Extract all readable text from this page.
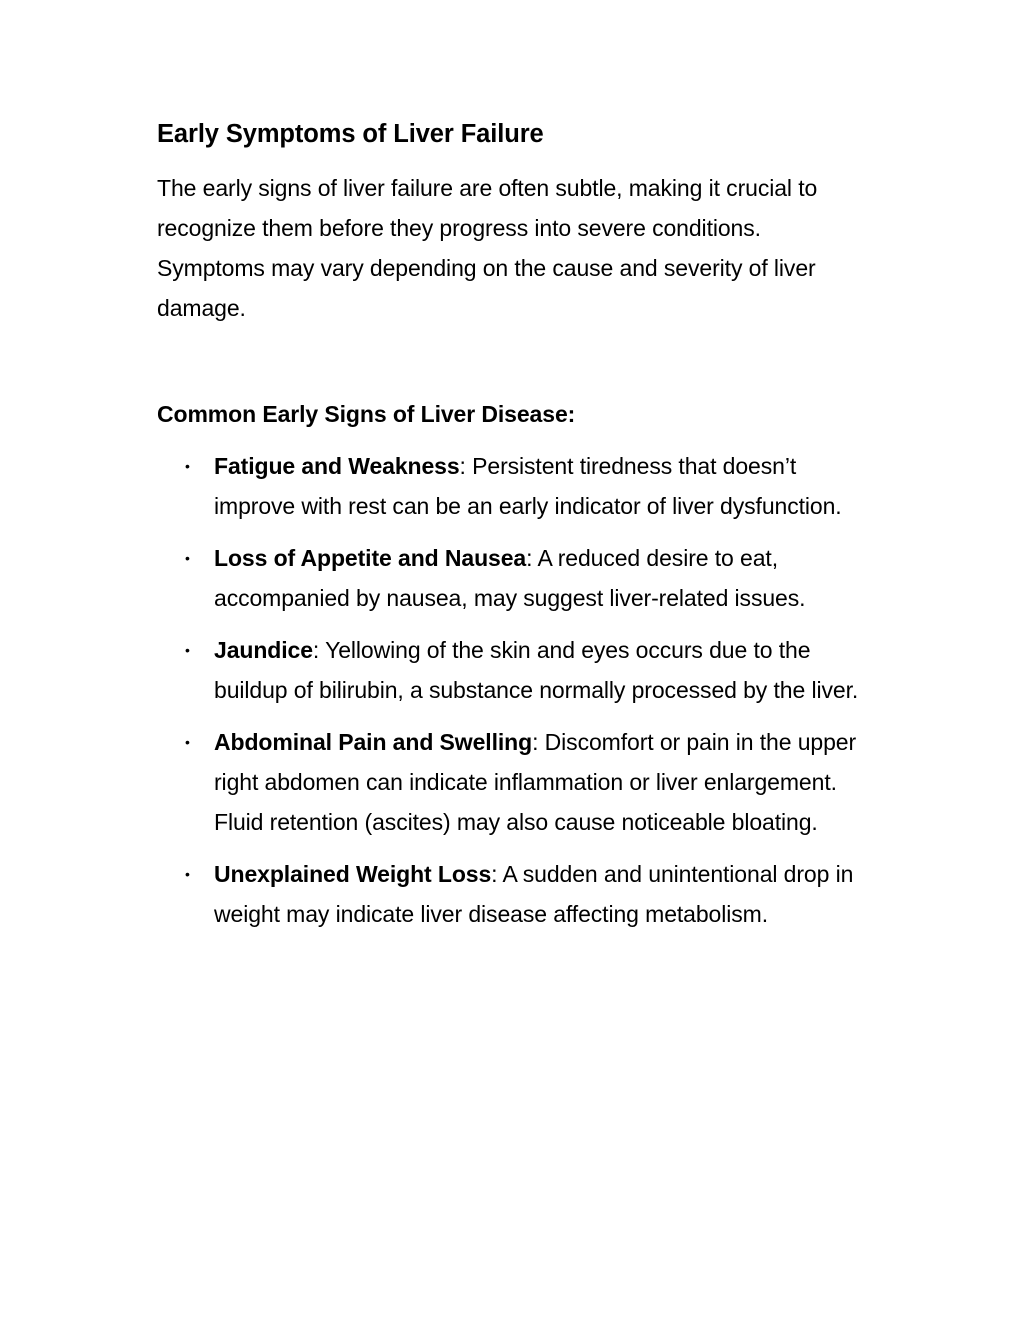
Early Symptoms of Liver Failure

The early signs of liver failure are often subtle, making it crucial to recognize them before they progress into severe conditions. Symptoms may vary depending on the cause and severity of liver damage.

Common Early Signs of Liver Disease:
• Fatigue and Weakness: Persistent tiredness that doesn’t improve with rest can be an early indicator of liver dysfunction.
• Loss of Appetite and Nausea: A reduced desire to eat, accompanied by nausea, may suggest liver-related issues.
• Jaundice: Yellowing of the skin and eyes occurs due to the buildup of bilirubin, a substance normally processed by the liver.
• Abdominal Pain and Swelling: Discomfort or pain in the upper right abdomen can indicate inflammation or liver enlargement. Fluid retention (ascites) may also cause noticeable bloating.
• Unexplained Weight Loss: A sudden and unintentional drop in weight may indicate liver disease affecting metabolism.
